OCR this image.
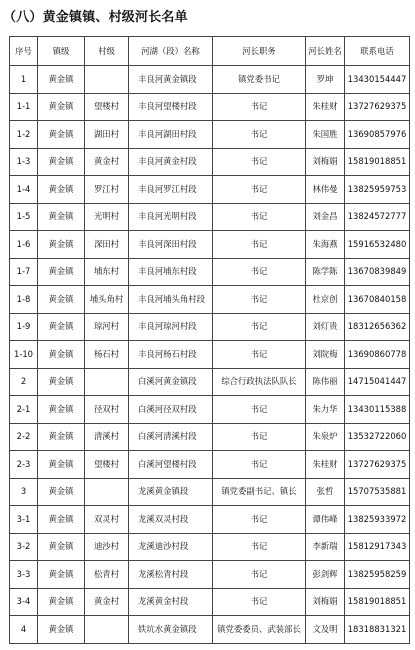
（八）黄金镇镇、村级河长名单
序号	镇级	村级	河湖（段）名称	河长职务	河长姓名	联系电话
1	黄金镇		丰良河黄金镇段	镇党委书记	罗坤	13430154447
1-1	黄金镇	望楼村	丰良河望楼村段	书记	朱桂财	13727629375
1-2	黄金镇	湖田村	丰良河湖田村段	书记	朱国胜	13690857976
1-3	黄金镇	黄金村	丰良河黄金村段	书记	刘梅娟	15819018851
1-4	黄金镇	罗江村	丰良河罗江村段	书记	林伟曼	13825959753
1-5	黄金镇	光明村	丰良河光明村段	书记	刘金昌	13824572777
1-6	黄金镇	深田村	丰良河深田村段	书记	朱海燕	15916532480
1-7	黄金镇	埔东村	丰良河埔东村段	书记	陈学陈	13670839849
1-8	黄金镇	埔头角村	丰良河埔头角村段	书记	杜京创	13670840158
1-9	黄金镇	琼河村	丰良河琼河村段	书记	刘灯贵	18312656362
1-10	黄金镇	杨石村	丰良河杨石村段	书记	刘院梅	13690860778
2	黄金镇		白溪河黄金镇段	综合行政执法队队长	陈伟丽	14715041447
2-1	黄金镇	径双村	白溪河径双村段	书记	朱力华	13430115388
2-2	黄金镇	清溪村	白溪河清溪村段	书记	朱泉炉	13532722060
2-3	黄金镇	望楼村	白溪河望楼村段	书记	朱桂财	13727629375
3	黄金镇		龙溪黄金镇段	镇党委副书记、镇长	张哲	15707535881
3-1	黄金镇	双灵村	龙溪双灵村段	书记	谭伟峰	13825933972
3-2	黄金镇	迪沙村	龙溪迪沙村段	书记	李新瑞	15812917343
3-3	黄金镇	松青村	龙溪松青村段	书记	彭剑辉	13825958259
3-4	黄金镇	黄金村	龙溪黄金村段	书记	刘梅娟	15819018851
4	黄金镇		铁坑水黄金镇段	镇党委委员、武装部长	文及明	18318831321
